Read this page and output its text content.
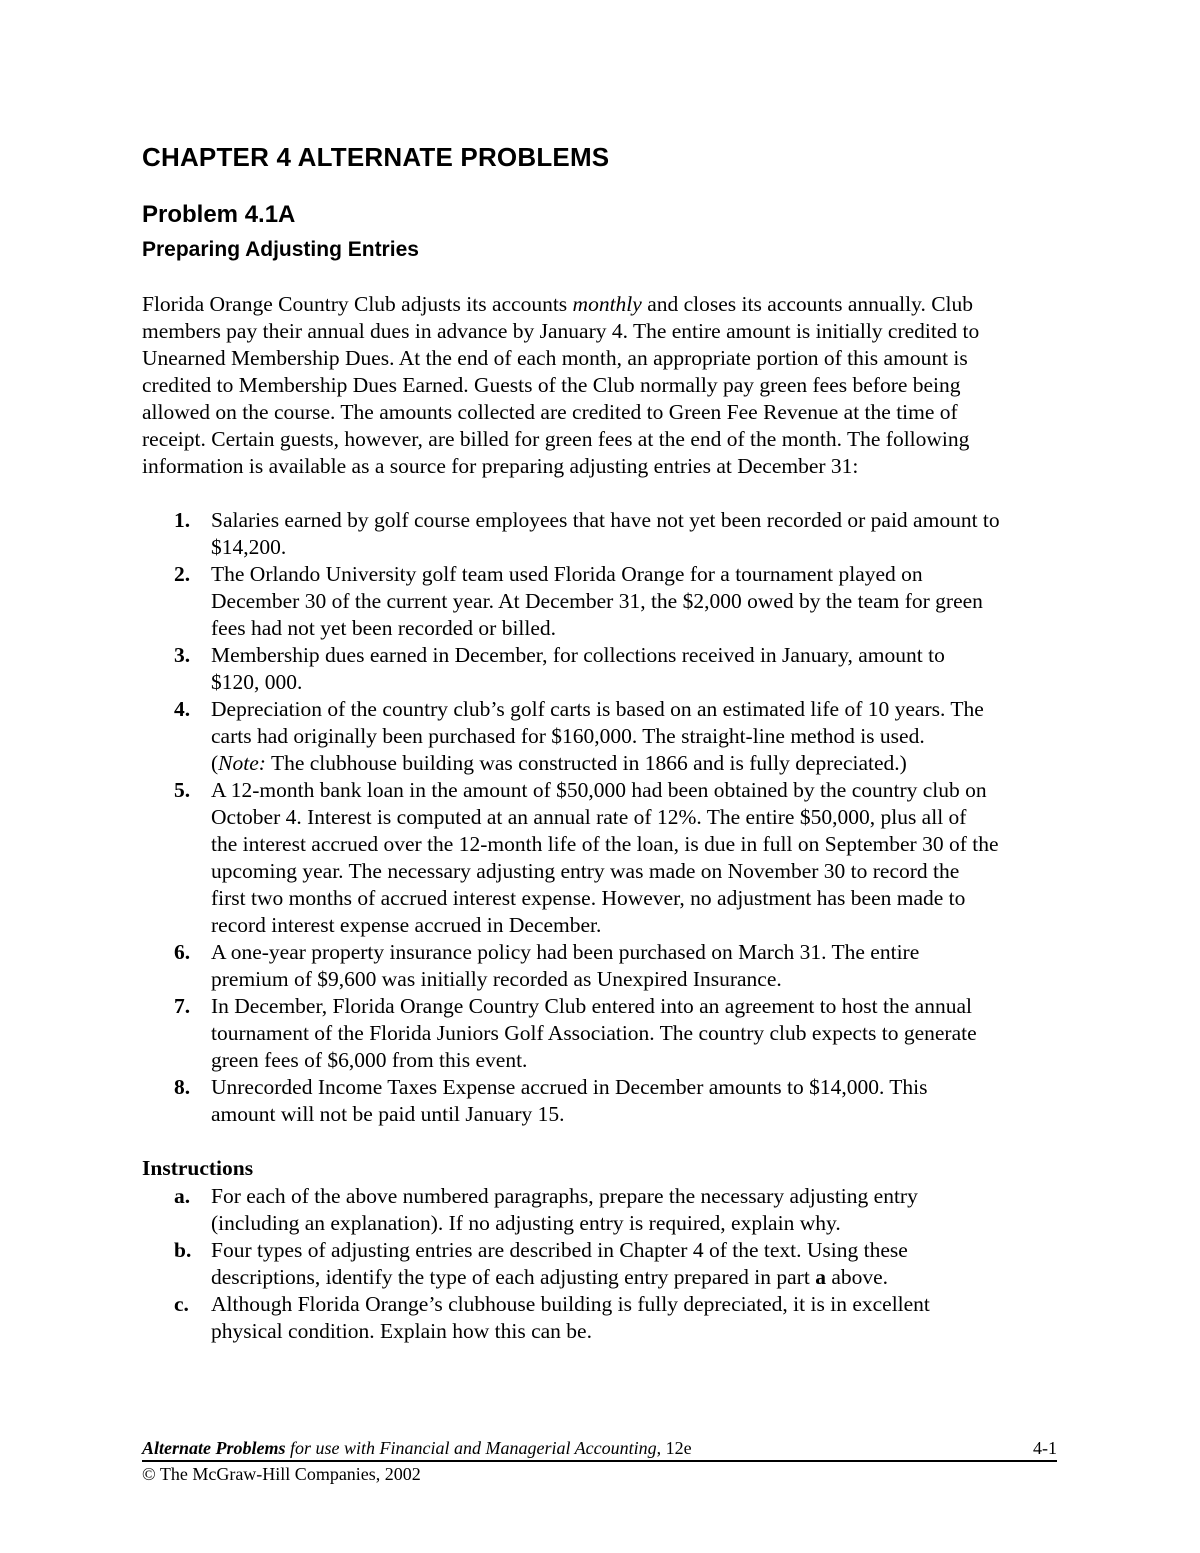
CHAPTER 4 ALTERNATE PROBLEMS
Problem 4.1A
Preparing Adjusting Entries

Florida Orange Country Club adjusts its accounts monthly and closes its accounts annually. Club

members pay their annual dues in advance by January 4. The entire amount is initially credited to

Unearned Membership Dues. At the end of each month, an appropriate portion of this amount is

credited to Membership Dues Earned. Guests of the Club normally pay green fees before being

allowed on the course. The amounts collected are credited to Green Fee Revenue at the time of

receipt. Certain guests, however, are billed for green fees at the end of the month. The following

information is available as a source for preparing adjusting entries at December 31:

1. Salaries earned by golf course employees that have not yet been recorded or paid amount to
$14,200.
2. The Orlando University golf team used Florida Orange for a tournament played on
December 30 of the current year. At December 31, the $2,000 owed by the team for green
fees had not yet been recorded or billed.
3. Membership dues earned in December, for collections received in January, amount to
$120, 000.
4. Depreciation of the country club’s golf carts is based on an estimated life of 10 years. The
carts had originally been purchased for $160,000. The straight-line method is used.
(Note: The clubhouse building was constructed in 1866 and is fully depreciated.)
5. A 12-month bank loan in the amount of $50,000 had been obtained by the country club on
October 4. Interest is computed at an annual rate of 12%. The entire $50,000, plus all of
the interest accrued over the 12-month life of the loan, is due in full on September 30 of the
upcoming year. The necessary adjusting entry was made on November 30 to record the
first two months of accrued interest expense. However, no adjustment has been made to
record interest expense accrued in December.
6. A one-year property insurance policy had been purchased on March 31. The entire
premium of $9,600 was initially recorded as Unexpired Insurance.
7. In December, Florida Orange Country Club entered into an agreement to host the annual
tournament of the Florida Juniors Golf Association. The country club expects to generate
green fees of $6,000 from this event.
8. Unrecorded Income Taxes Expense accrued in December amounts to $14,000. This
amount will not be paid until January 15.
Instructions
a. For each of the above numbered paragraphs, prepare the necessary adjusting entry
(including an explanation). If no adjusting entry is required, explain why.
b. Four types of adjusting entries are described in Chapter 4 of the text. Using these
descriptions, identify the type of each adjusting entry prepared in part a above.
c. Although Florida Orange’s clubhouse building is fully depreciated, it is in excellent
physical condition. Explain how this can be.
Alternate Problems for use with Financial and Managerial Accounting, 12e	4-1
© The McGraw-Hill Companies, 2002
